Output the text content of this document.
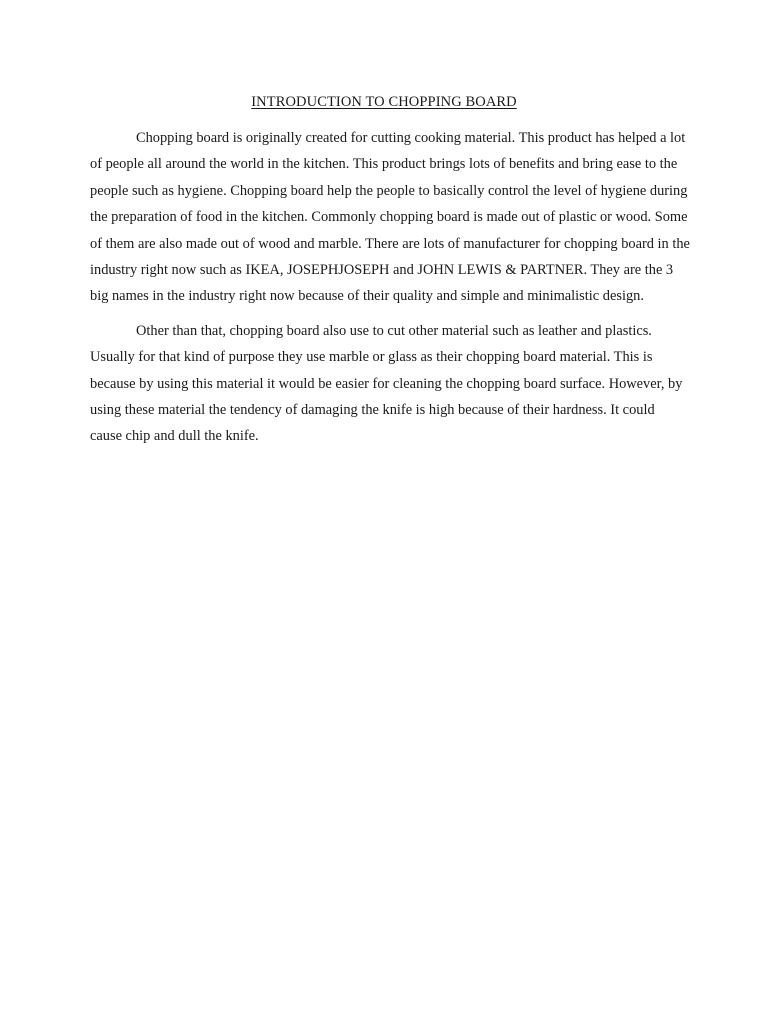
INTRODUCTION TO CHOPPING BOARD

Chopping board is originally created for cutting cooking material. This product has helped a lot of people all around the world in the kitchen. This product brings lots of benefits and bring ease to the people such as hygiene. Chopping board help the people to basically control the level of hygiene during the preparation of food in the kitchen. Commonly chopping board is made out of plastic or wood. Some of them are also made out of wood and marble. There are lots of manufacturer for chopping board in the industry right now such as IKEA, JOSEPHJOSEPH and JOHN LEWIS & PARTNER. They are the 3 big names in the industry right now because of their quality and simple and minimalistic design.

Other than that, chopping board also use to cut other material such as leather and plastics. Usually for that kind of purpose they use marble or glass as their chopping board material. This is because by using this material it would be easier for cleaning the chopping board surface. However, by using these material the tendency of damaging the knife is high because of their hardness. It could cause chip and dull the knife.
